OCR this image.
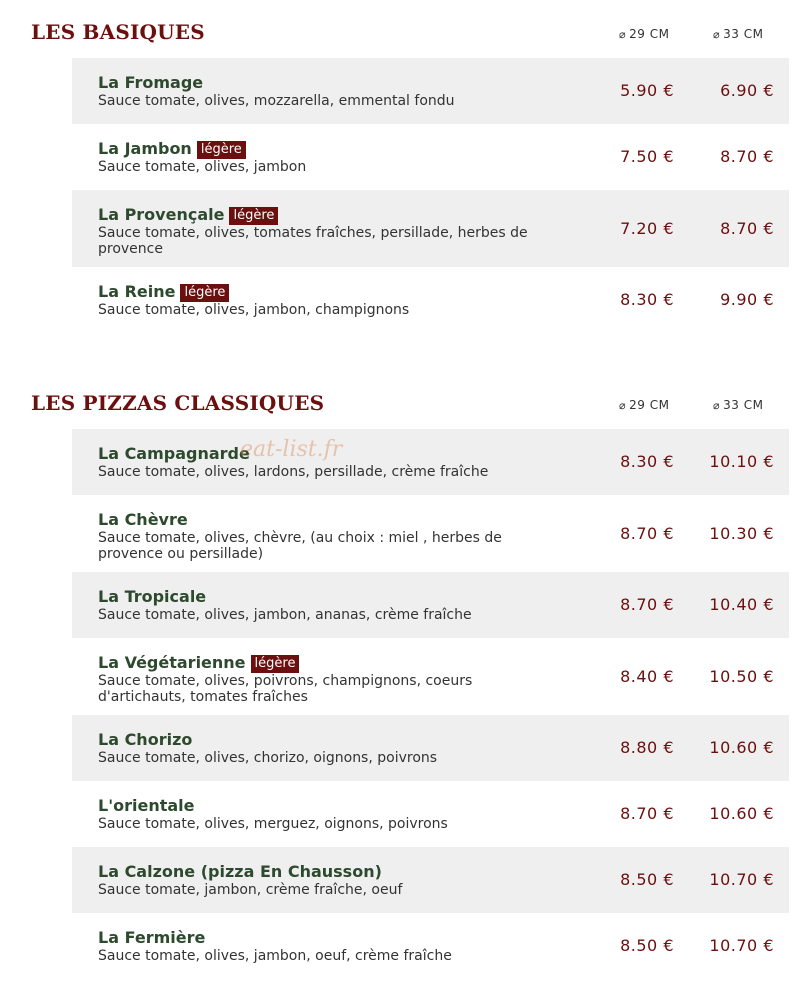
LES BASIQUES	⌀ 29 CM	⌀ 33 CM
La Fromage
Sauce tomate, olives, mozzarella, emmental fondu
5.90 €	6.90 €
La Jambon légère
Sauce tomate, olives, jambon
7.50 €	8.70 €
La Provençale légère
Sauce tomate, olives, tomates fraîches, persillade, herbes de provence
7.20 €	8.70 €
La Reine légère
Sauce tomate, olives, jambon, champignons
8.30 €	9.90 €
LES PIZZAS CLASSIQUES	⌀ 29 CM	⌀ 33 CM
La Campagnarde
Sauce tomate, olives, lardons, persillade, crème fraîche
8.30 € 10.10 €
La Chèvre
Sauce tomate, olives, chèvre, (au choix : miel , herbes de provence ou persillade)
8.70 € 10.30 €
La Tropicale
Sauce tomate, olives, jambon, ananas, crème fraîche
8.70 € 10.40 €
La Végétarienne légère
Sauce tomate, olives, poivrons, champignons, coeurs d'artichauts, tomates fraîches
8.40 € 10.50 €
La Chorizo
Sauce tomate, olives, chorizo, oignons, poivrons
8.80 € 10.60 €
L'orientale
Sauce tomate, olives, merguez, oignons, poivrons
8.70 € 10.60 €
La Calzone (pizza En Chausson)
Sauce tomate, jambon, crème fraîche, oeuf
8.50 € 10.70 €
La Fermière
Sauce tomate, olives, jambon, oeuf, crème fraîche
8.50 € 10.70 €
eat-list.fr
